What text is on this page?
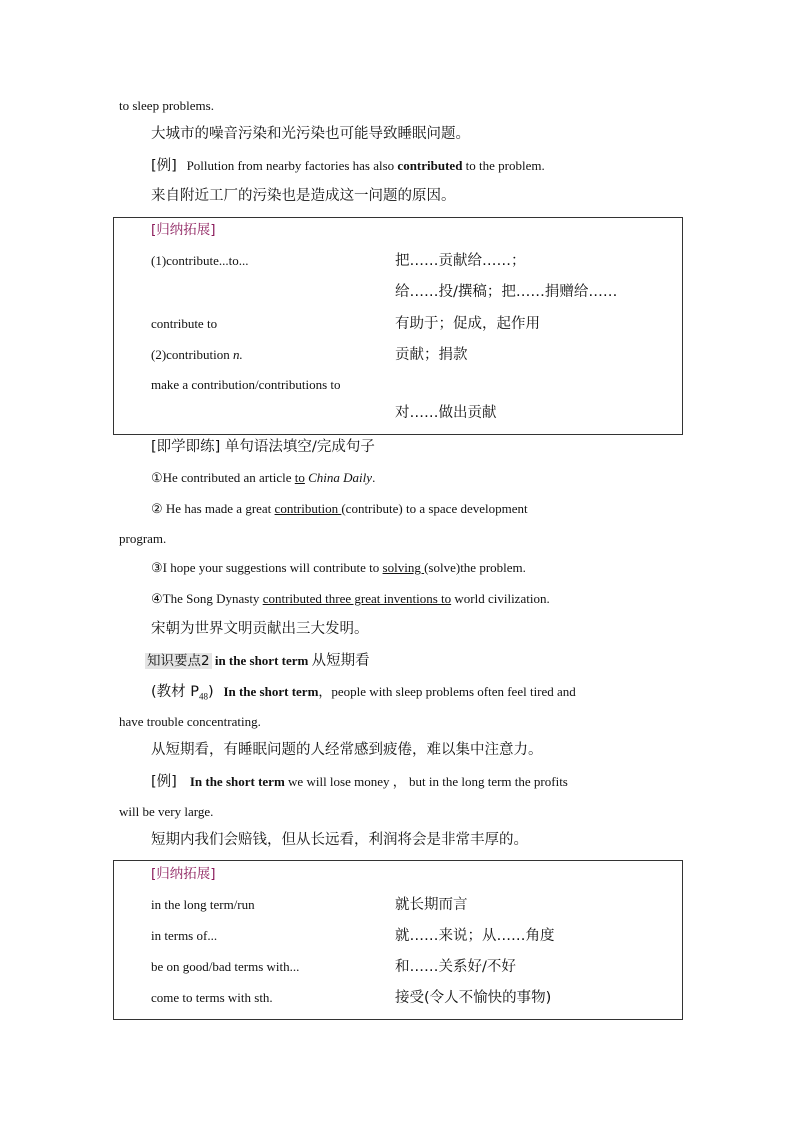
to sleep problems.
大城市的噪音污染和光污染也可能导致睡眠问题。
[例] Pollution from nearby factories has also contributed to the problem.
来自附近工厂的污染也是造成这一问题的原因。
[归纳拓展]
(1)contribute...to...	把……贡献给……；
给……投/撰稿；把……捐赠给……
contribute to	有助于；促成，起作用
(2)contribution n.	贡献；捐款
make a contribution/contributions to
对……做出贡献
[即学即练] 单句语法填空/完成句子
①He contributed an article to China Daily.
② He has made a great contribution (contribute) to a space development
program.
③I hope your suggestions will contribute to solving (solve)the problem.
④The Song Dynasty contributed three great inventions to world civilization.
宋朝为世界文明贡献出三大发明。
知识要点2 in the short term 从短期看
(教材 $P_{48}$) In the short term，people with sleep problems often feel tired and
have trouble concentrating.
从短期看，有睡眠问题的人经常感到疲倦，难以集中注意力。
[例] In the short term we will lose money ， but in the long term the profits
will be very large.
短期内我们会赔钱，但从长远看，利润将会是非常丰厚的。
[归纳拓展]
in the long term/run	就长期而言
in terms of...	就……来说；从……角度
be on good/bad terms with...	和……关系好/不好
come to terms with sth.	接受(令人不愉快的事物)
